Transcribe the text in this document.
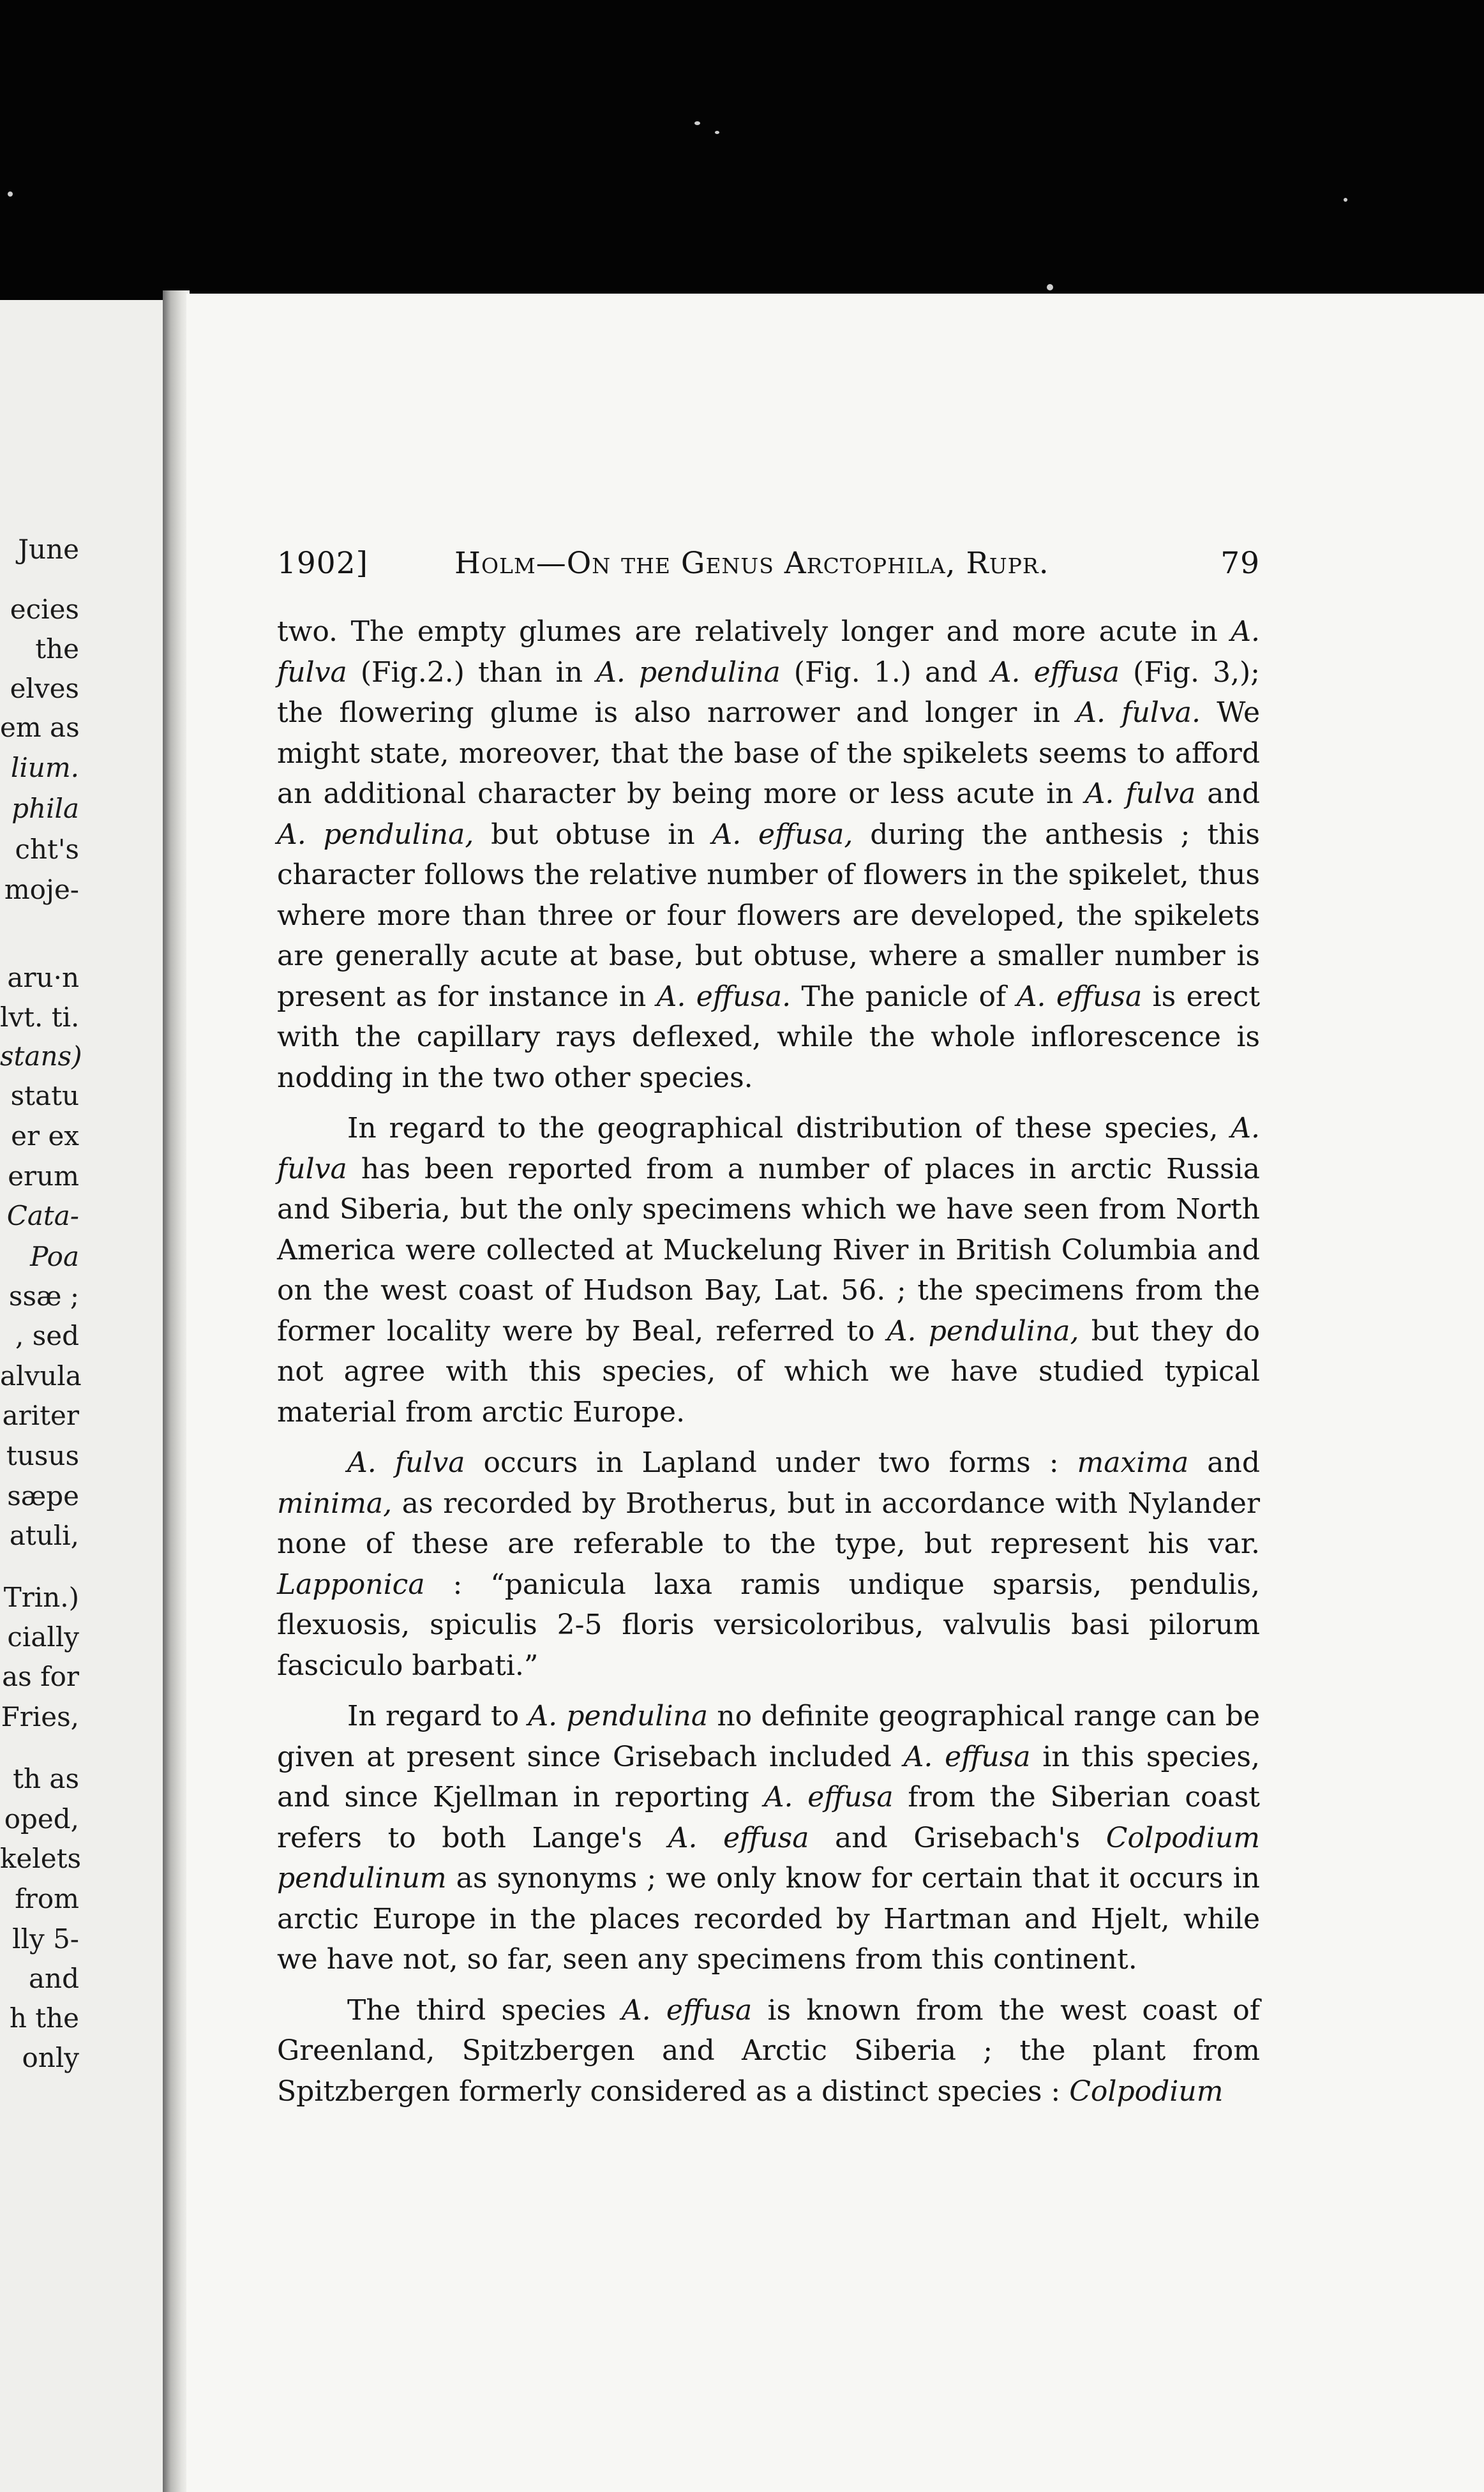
June
ecies
the
elves
em as
lium.
phila
cht's
moje-
aru·n
lvt. ti.
stans)
statu
er ex
erum
Cata-
Poa
ssæ ;
, sed
alvula
ariter
tusus
sæpe
atuli,
Trin.)
cially
as for
Fries,
th as
oped,
kelets
from
lly 5-
and
h the
only
1902]	Holm—On the Genus Arctophila, Rupr.	79

two. The empty glumes are relatively longer and more acute in A. fulva (Fig.2.) than in A. pendulina (Fig. 1.) and A. effusa (Fig. 3,); the flowering glume is also narrower and longer in A. fulva. We might state, moreover, that the base of the spikelets seems to afford an additional character by being more or less acute in A. fulva and A. pendulina, but obtuse in A. effusa, during the anthesis ; this character follows the relative number of flowers in the spikelet, thus where more than three or four flowers are developed, the spikelets are generally acute at base, but obtuse, where a smaller number is present as for instance in A. effusa. The panicle of A. effusa is erect with the capillary rays deflexed, while the whole inflorescence is nodding in the two other species.

In regard to the geographical distribution of these species, A. fulva has been reported from a number of places in arctic Russia and Siberia, but the only specimens which we have seen from North America were collected at Muckelung River in British Columbia and on the west coast of Hudson Bay, Lat. 56. ; the specimens from the former locality were by Beal, referred to A. pendulina, but they do not agree with this species, of which we have studied typical material from arctic Europe.

A. fulva occurs in Lapland under two forms : maxima and minima, as recorded by Brotherus, but in accordance with Nylander none of these are referable to the type, but represent his var. Lapponica : “panicula laxa ramis undique sparsis, pendulis, flexuosis, spiculis 2-5 floris versicoloribus, valvulis basi pilorum fasciculo barbati.”

In regard to A. pendulina no definite geographical range can be given at present since Grisebach included A. effusa in this species, and since Kjellman in reporting A. effusa from the Siberian coast refers to both Lange's A. effusa and Grisebach's Colpodium pendulinum as synonyms ; we only know for certain that it occurs in arctic Europe in the places recorded by Hartman and Hjelt, while we have not, so far, seen any specimens from this continent.

The third species A. effusa is known from the west coast of Greenland, Spitzbergen and Arctic Siberia ; the plant from Spitzbergen formerly considered as a distinct species : Colpodium
